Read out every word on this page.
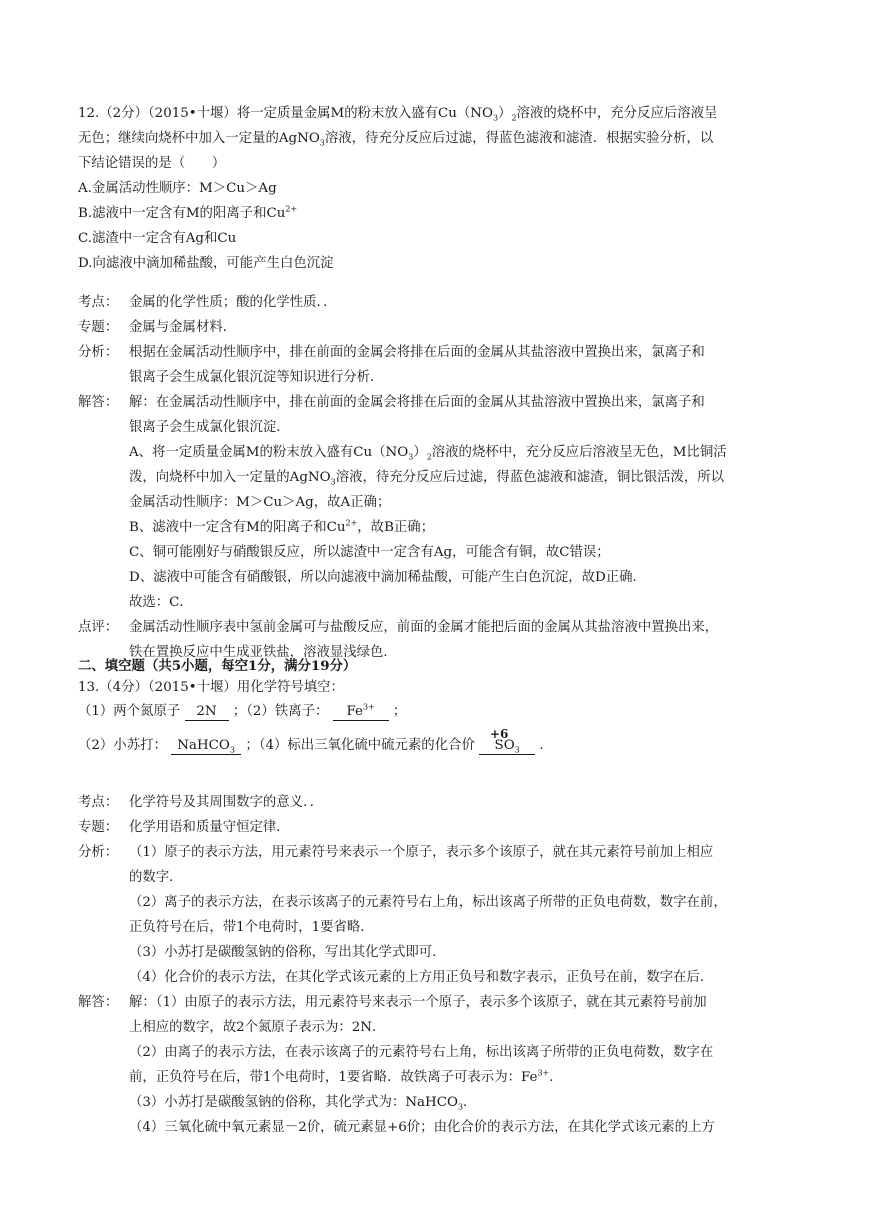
12.（2分）（2015•十堰）将一定质量金属M的粉末放入盛有$Cu(NO_3)_2$溶液的烧杯中，充分反应后溶液呈
无色；继续向烧杯中加入一定量的AgNO$_3$溶液，待充分反应后过滤，得蓝色滤液和滤渣．根据实验分析，以
下结论错误的是（　　）
A.金属活动性顺序：M＞Cu＞Ag
B.滤液中一定含有M的阳离子和$Cu^{2+}$
C.滤渣中一定含有Ag和Cu
D.向滤液中滴加稀盐酸，可能产生白色沉淀
考点： 金属的化学性质；酸的化学性质．．
专题： 金属与金属材料．
分析： 根据在金属活动性顺序中，排在前面的金属会将排在后面的金属从其盐溶液中置换出来，氯离子和
银离子会生成氯化银沉淀等知识进行分析．
解答： 解：在金属活动性顺序中，排在前面的金属会将排在后面的金属从其盐溶液中置换出来，氯离子和
银离子会生成氯化银沉淀．
A、将一定质量金属M的粉末放入盛有$Cu(NO_3)_2$溶液的烧杯中，充分反应后溶液呈无色，M比铜活
泼，向烧杯中加入一定量的AgNO$_3$溶液，待充分反应后过滤，得蓝色滤液和滤渣，铜比银活泼，所以
金属活动性顺序：M＞Cu＞Ag，故A正确；
B、滤液中一定含有M的阳离子和$Cu^{2+}$，故B正确；
C、铜可能刚好与硝酸银反应，所以滤渣中一定含有Ag，可能含有铜，故C错误；
D、滤液中可能含有硝酸银，所以向滤液中滴加稀盐酸，可能产生白色沉淀，故D正确．
故选：C．
点评： 金属活动性顺序表中氢前金属可与盐酸反应，前面的金属才能把后面的金属从其盐溶液中置换出来，
铁在置换反应中生成亚铁盐，溶液显浅绿色．
二、填空题（共5小题，每空1分，满分19分）
13.（4分）（2015•十堰）用化学符号填空：
（1）两个氮原子 2N ；（2）铁离子： $Fe^{3+}$ ；
（2）小苏打： NaHCO$_3$ ；（4）标出三氧化硫中硫元素的化合价
+6
$SO_3$ ．
考点： 化学符号及其周围数字的意义．．
专题： 化学用语和质量守恒定律．
分析： （1）原子的表示方法，用元素符号来表示一个原子，表示多个该原子，就在其元素符号前加上相应
的数字．
（2）离子的表示方法，在表示该离子的元素符号右上角，标出该离子所带的正负电荷数，数字在前，
正负符号在后，带1个电荷时，1要省略．
（3）小苏打是碳酸氢钠的俗称，写出其化学式即可．
（4）化合价的表示方法，在其化学式该元素的上方用正负号和数字表示，正负号在前，数字在后．
解答： 解：（1）由原子的表示方法，用元素符号来表示一个原子，表示多个该原子，就在其元素符号前加
上相应的数字，故2个氮原子表示为：2N．
（2）由离子的表示方法，在表示该离子的元素符号右上角，标出该离子所带的正负电荷数，数字在
前，正负符号在后，带1个电荷时，1要省略．故铁离子可表示为：$Fe^{3+}$．
（3）小苏打是碳酸氢钠的俗称，其化学式为：NaHCO$_3$．
（4）三氧化硫中氧元素显－2价，硫元素显+6价；由化合价的表示方法，在其化学式该元素的上方
